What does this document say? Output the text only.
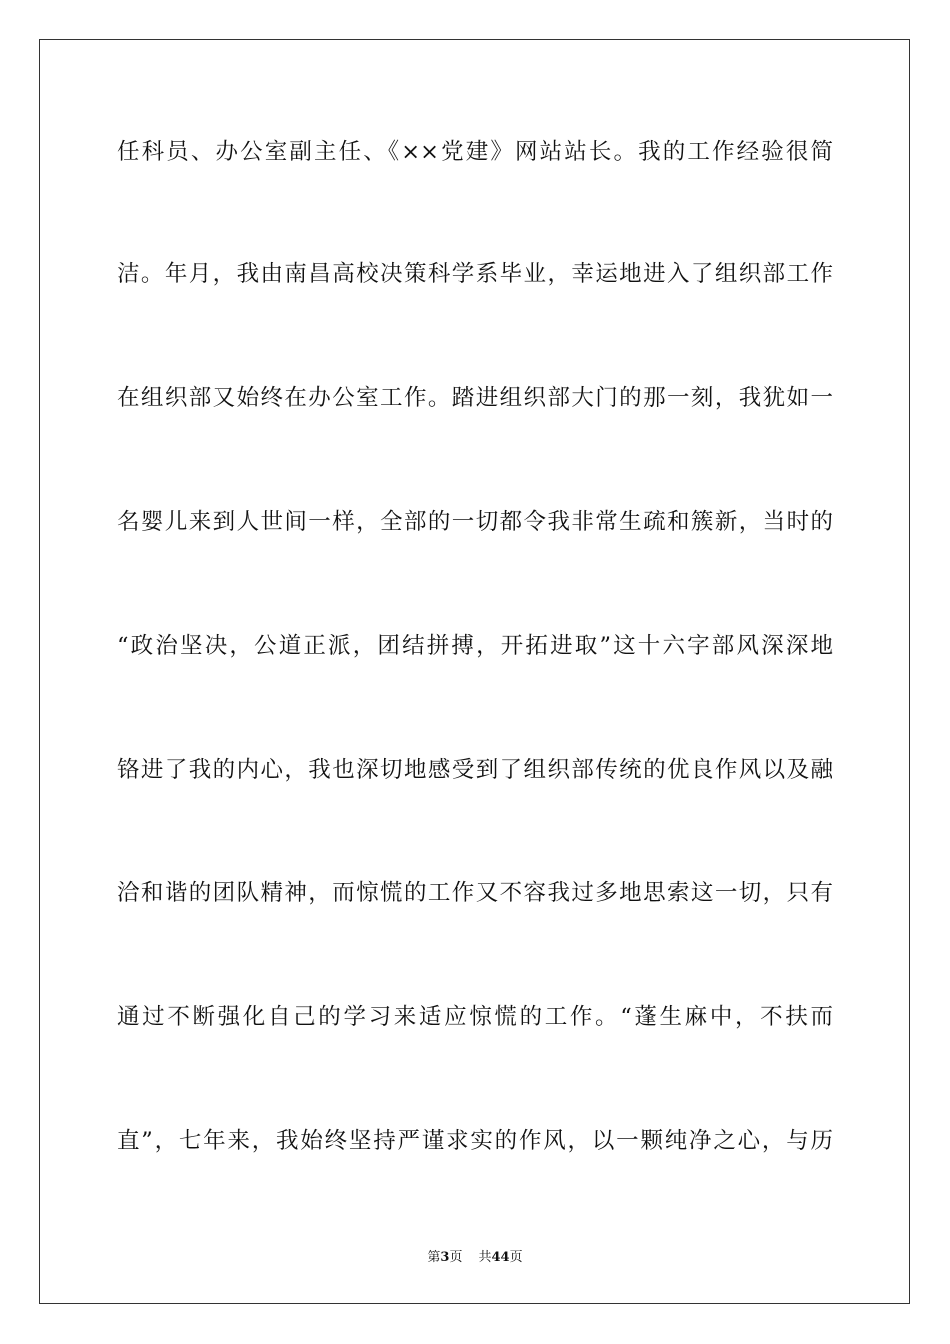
任科员、办公室副主任、《××党建》网站站长。我的工作经验很简
洁。年月，我由南昌高校决策科学系毕业，幸运地进入了组织部工作
在组织部又始终在办公室工作。踏进组织部大门的那一刻，我犹如一
名婴儿来到人世间一样，全部的一切都令我非常生疏和簇新，当时的
“政治坚决，公道正派，团结拼搏，开拓进取”这十六字部风深深地
铬进了我的内心，我也深切地感受到了组织部传统的优良作风以及融
洽和谐的团队精神，而惊慌的工作又不容我过多地思索这一切，只有
通过不断强化自己的学习来适应惊慌的工作。“蓬生麻中，不扶而
直”，七年来，我始终坚持严谨求实的作风，以一颗纯净之心，与历
第3页 共44页
